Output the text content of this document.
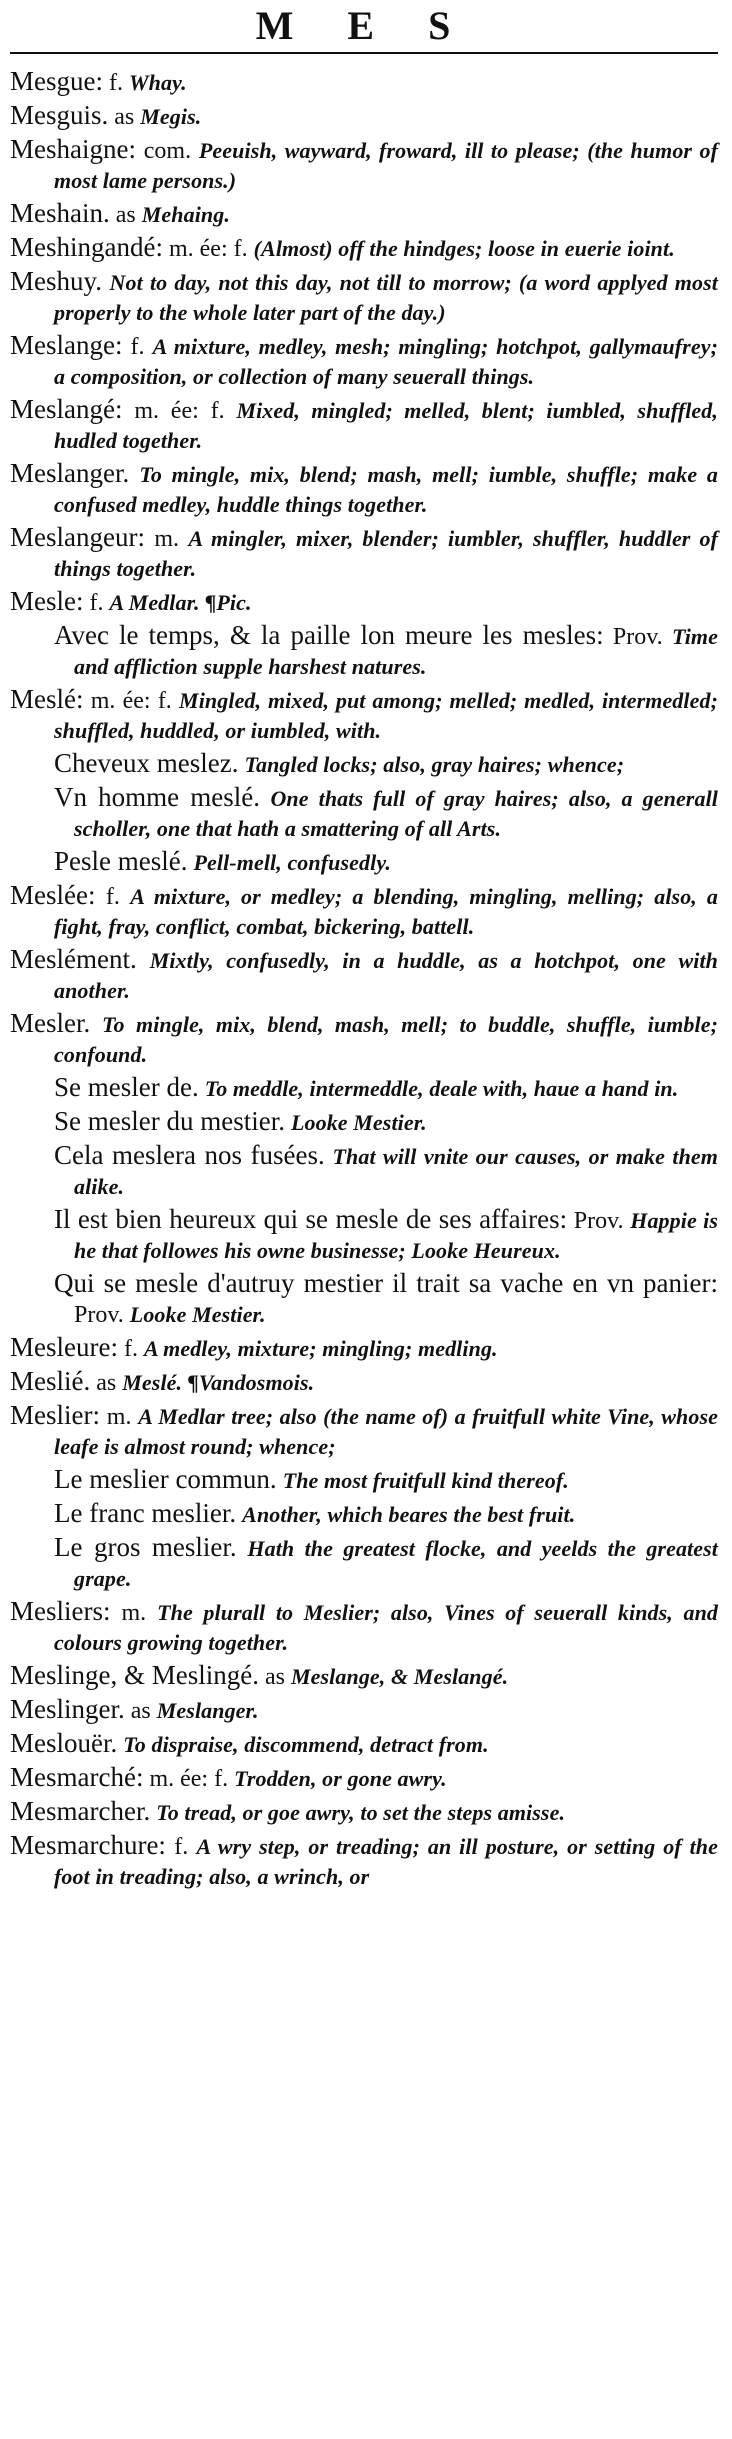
M E S

Mesgue: f. Whay.

Mesguis. as Megis.

Meshaigne: com. Peeuish, wayward, froward, ill to please; (the humor of most lame persons.)

Meshain. as Mehaing.

Meshingandé: m. ée: f. (Almost) off the hindges; loose in euerie ioint.

Meshuy. Not to day, not this day, not till to morrow; (a word applyed most properly to the whole later part of the day.)

Meslange: f. A mixture, medley, mesh; mingling; hotchpot, gallymaufrey; a composition, or collection of many seuerall things.

Meslangé: m. ée: f. Mixed, mingled; melled, blent; iumbled, shuffled, hudled together.

Meslanger. To mingle, mix, blend; mash, mell; iumble, shuffle; make a confused medley, huddle things together.

Meslangeur: m. A mingler, mixer, blender; iumbler, shuffler, huddler of things together.

Mesle: f. A Medlar. ¶Pic.

Avec le temps, & la paille lon meure les mesles: Prov. Time and affliction supple harshest natures.

Meslé: m. ée: f. Mingled, mixed, put among; melled; medled, intermedled; shuffled, huddled, or iumbled, with.

Cheveux meslez. Tangled locks; also, gray haires; whence;

Vn homme meslé. One thats full of gray haires; also, a generall scholler, one that hath a smattering of all Arts.

Pesle meslé. Pell-mell, confusedly.

Meslée: f. A mixture, or medley; a blending, mingling, melling; also, a fight, fray, conflict, combat, bickering, battell.

Meslément. Mixtly, confusedly, in a huddle, as a hotchpot, one with another.

Mesler. To mingle, mix, blend, mash, mell; to buddle, shuffle, iumble; confound.

Se mesler de. To meddle, intermeddle, deale with, haue a hand in.

Se mesler du mestier. Looke Mestier.

Cela meslera nos fusées. That will vnite our causes, or make them alike.

Il est bien heureux qui se mesle de ses affaires: Prov. Happie is he that followes his owne businesse; Looke Heureux.

Qui se mesle d'autruy mestier il trait sa vache en vn panier: Prov. Looke Mestier.

Mesleure: f. A medley, mixture; mingling; medling.

Meslié. as Meslé. ¶Vandosmois.

Meslier: m. A Medlar tree; also (the name of) a fruitfull white Vine, whose leafe is almost round; whence;

Le meslier commun. The most fruitfull kind thereof.

Le franc meslier. Another, which beares the best fruit.

Le gros meslier. Hath the greatest flocke, and yeelds the greatest grape.

Mesliers: m. The plurall to Meslier; also, Vines of seuerall kinds, and colours growing together.

Meslinge, & Meslingé. as Meslange, & Meslangé.

Meslinger. as Meslanger.

Meslouër. To dispraise, discommend, detract from.

Mesmarché: m. ée: f. Trodden, or gone awry.

Mesmarcher. To tread, or goe awry, to set the steps amisse.

Mesmarchure: f. A wry step, or treading; an ill posture, or setting of the foot in treading; also, a wrinch, or
